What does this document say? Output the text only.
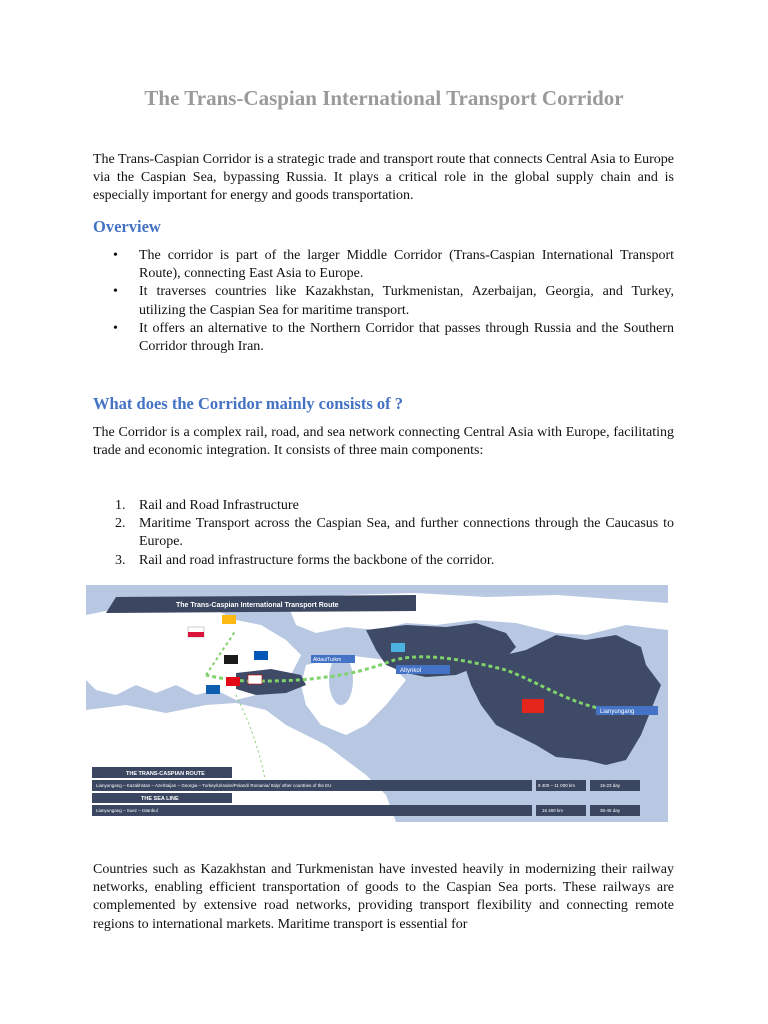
The Trans-Caspian International Transport Corridor

The Trans-Caspian Corridor is a strategic trade and transport route that connects Central Asia to Europe via the Caspian Sea, bypassing Russia. It plays a critical role in the global supply chain and is especially important for energy and goods transportation.

Overview
• The corridor is part of the larger Middle Corridor (Trans-Caspian International Transport Route), connecting East Asia to Europe.
• It traverses countries like Kazakhstan, Turkmenistan, Azerbaijan, Georgia, and Turkey, utilizing the Caspian Sea for maritime transport.
• It offers an alternative to the Northern Corridor that passes through Russia and the Southern Corridor through Iran.
What does the Corridor mainly consists of ?

The Corridor is a complex rail, road, and sea network connecting Central Asia with Europe, facilitating trade and economic integration. It consists of three main components:

1. Rail and Road Infrastructure
2. Maritime Transport across the Caspian Sea, and further connections through the Caucasus to Europe.
3. Rail and road infrastructure forms the backbone of the corridor.
The Trans-Caspian International Transport Route
Altynkol
Lianyungang
Aktau/Turkm
THE TRANS-CASPIAN ROUTE
Lianyungang – Kazakhstan – Azerbaijan – Georgia – Turkey/Ukraine/Poland/ Romania/ Italy/ other countries of the EU	9 400 – 11 000 km	15-23 day
THE SEA LINE
Lianyungang – Suez – Istanbul	16 400 km	35-45 day

Countries such as Kazakhstan and Turkmenistan have invested heavily in modernizing their railway networks, enabling efficient transportation of goods to the Caspian Sea ports. These railways are complemented by extensive road networks, providing transport flexibility and connecting remote regions to international markets. Maritime transport is essential for
